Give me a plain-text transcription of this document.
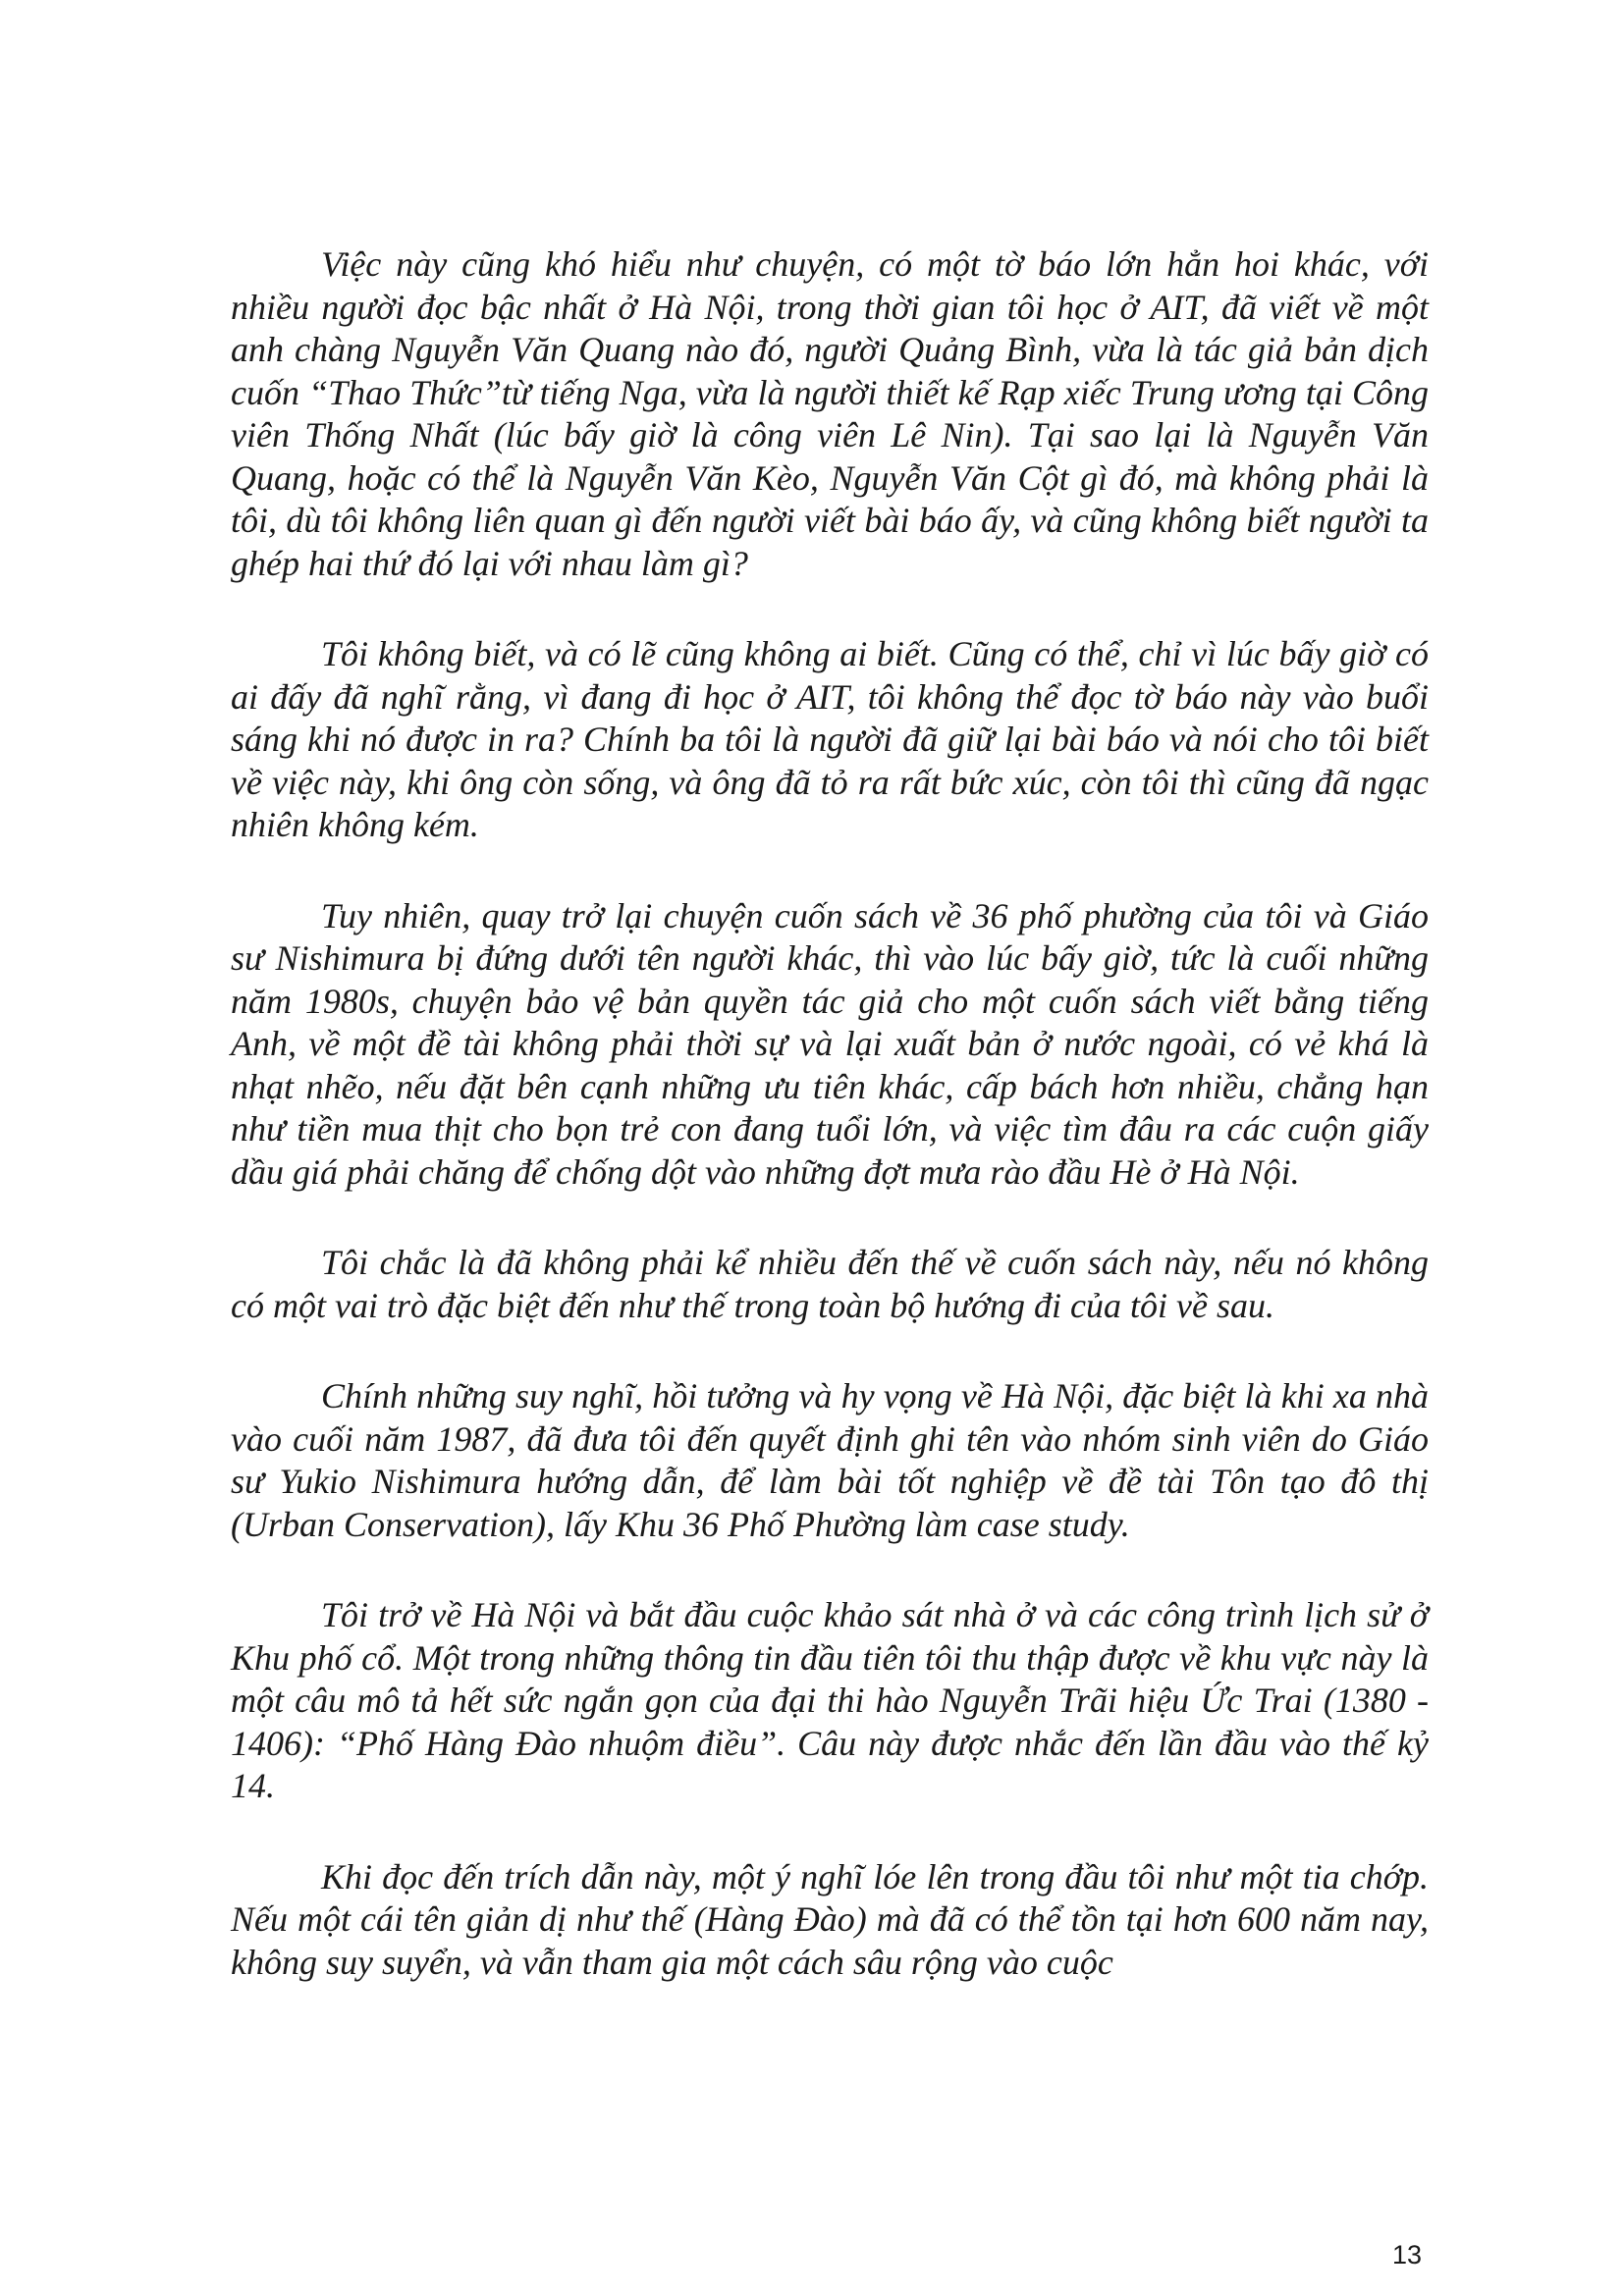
Việc này cũng khó hiểu như chuyện, có một tờ báo lớn hẳn hoi khác, với nhiều người đọc bậc nhất ở Hà Nội, trong thời gian tôi học ở AIT, đã viết về một anh chàng Nguyễn Văn Quang nào đó, người Quảng Bình, vừa là tác giả bản dịch cuốn “Thao Thức”từ tiếng Nga, vừa là người thiết kế Rạp xiếc Trung ương tại Công viên Thống Nhất (lúc bấy giờ là công viên Lê Nin). Tại sao lại là Nguyễn Văn Quang, hoặc có thể là Nguyễn Văn Kèo, Nguyễn Văn Cột gì đó, mà không phải là tôi, dù tôi không liên quan gì đến người viết bài báo ấy, và cũng không biết người ta ghép hai thứ đó lại với nhau làm gì?

Tôi không biết, và có lẽ cũng không ai biết. Cũng có thể, chỉ vì lúc bấy giờ có ai đấy đã nghĩ rằng, vì đang đi học ở AIT, tôi không thể đọc tờ báo này vào buổi sáng khi nó được in ra? Chính ba tôi là người đã giữ lại bài báo và nói cho tôi biết về việc này, khi ông còn sống, và ông đã tỏ ra rất bức xúc, còn tôi thì cũng đã ngạc nhiên không kém.

Tuy nhiên, quay trở lại chuyện cuốn sách về 36 phố phường của tôi và Giáo sư Nishimura bị đứng dưới tên người khác, thì vào lúc bấy giờ, tức là cuối những năm 1980s, chuyện bảo vệ bản quyền tác giả cho một cuốn sách viết bằng tiếng Anh, về một đề tài không phải thời sự và lại xuất bản ở nước ngoài, có vẻ khá là nhạt nhẽo, nếu đặt bên cạnh những ưu tiên khác, cấp bách hơn nhiều, chẳng hạn như tiền mua thịt cho bọn trẻ con đang tuổi lớn, và việc tìm đâu ra các cuộn giấy dầu giá phải chăng để chống dột vào những đợt mưa rào đầu Hè ở Hà Nội.

Tôi chắc là đã không phải kể nhiều đến thế về cuốn sách này, nếu nó không có một vai trò đặc biệt đến như thế trong toàn bộ hướng đi của tôi về sau.

Chính những suy nghĩ, hồi tưởng và hy vọng về Hà Nội, đặc biệt là khi xa nhà vào cuối năm 1987, đã đưa tôi đến quyết định ghi tên vào nhóm sinh viên do Giáo sư Yukio Nishimura hướng dẫn, để làm bài tốt nghiệp về đề tài Tôn tạo đô thị (Urban Conservation), lấy Khu 36 Phố Phường làm case study.

Tôi trở về Hà Nội và bắt đầu cuộc khảo sát nhà ở và các công trình lịch sử ở Khu phố cổ. Một trong những thông tin đầu tiên tôi thu thập được về khu vực này là một câu mô tả hết sức ngắn gọn của đại thi hào Nguyễn Trãi hiệu Ức Trai (1380 - 1406): “Phố Hàng Đào nhuộm điều”. Câu này được nhắc đến lần đầu vào thế kỷ 14.

Khi đọc đến trích dẫn này, một ý nghĩ lóe lên trong đầu tôi như một tia chớp. Nếu một cái tên giản dị như thế (Hàng Đào) mà đã có thể tồn tại hơn 600 năm nay, không suy suyển, và vẫn tham gia một cách sâu rộng vào cuộc

13
